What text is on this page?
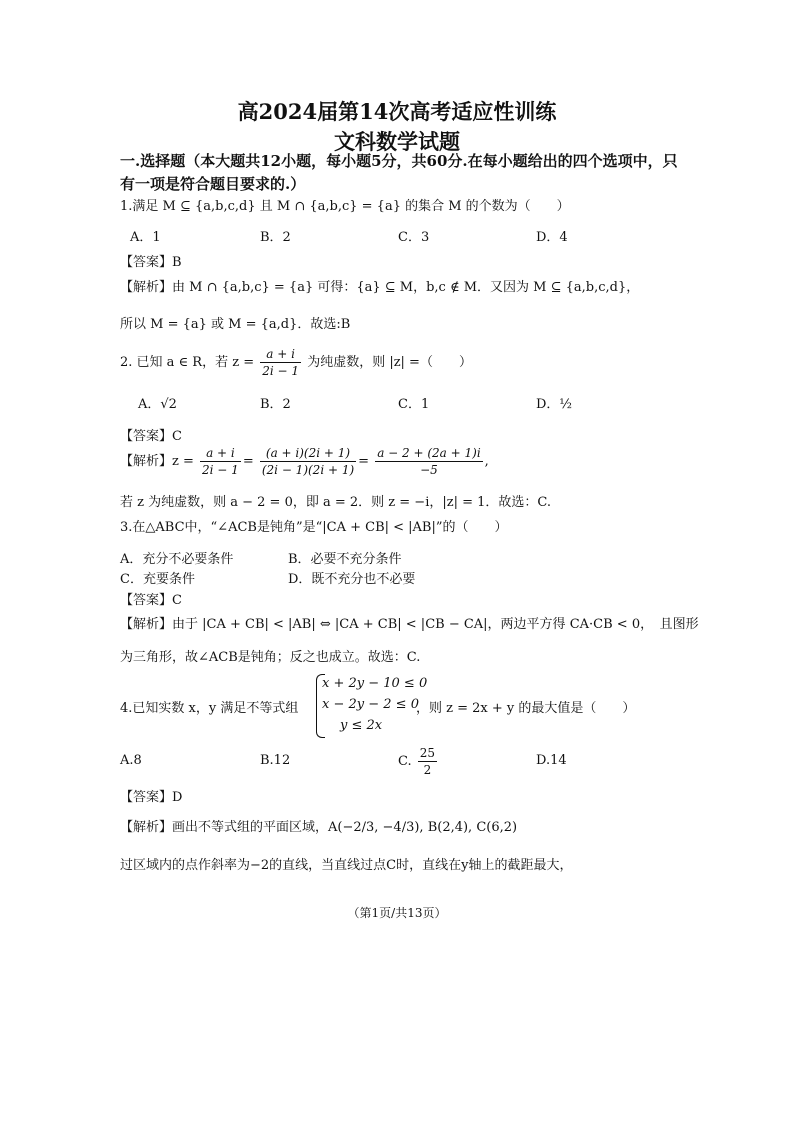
高2024届第14次高考适应性训练
文科数学试题
一.选择题（本大题共12小题，每小题5分，共60分.在每小题给出的四个选项中，只有一项是符合题目要求的.）
1.满足 M ⊆ {a,b,c,d} 且 M ∩ {a,b,c} = {a} 的集合 M 的个数为（　　）
A．1	B．2	C．3	D．4
【答案】B
【解析】由 M ∩ {a,b,c} = {a} 可得：{a} ⊆ M，b,c ∉ M．又因为 M ⊆ {a,b,c,d}，
所以 M = {a} 或 M = {a,d}．故选:B
2. 已知 a ∈ R，若 $z = \frac{a + i}{2i - 1}$ 为纯虚数，则 |z| =（　　）
A．√2	B．2	C．1	D．½
【答案】C
【解析】$z = \frac{a + i}{2i - 1} = \frac{(a + i)(2i + 1)}{(2i - 1)(2i + 1)} = \frac{a - 2 + (2a + 1)i}{-5}$ ,
若 z 为纯虚数，则 a − 2 = 0，即 a = 2．则 z = −i，|z| = 1．故选：C.
3.在△ABC中，“∠ACB是钝角”是“|CA + CB| < |AB|”的（　　）
A．充分不必要条件	B．必要不充分条件
C．充要条件	D．既不充分也不必要
【答案】C
【解析】由于 |CA + CB| < |AB| ⇔ |CA + CB| < |CB − CA|，两边平方得 CA·CB < 0，　且图形
为三角形，故∠ACB是钝角；反之也成立。故选：C.
4.已知实数 x，y 满足不等式组
x + 2y − 10 ≤ 0
x − 2y − 2 ≤ 0
y ≤ 2x
，则 z = 2x + y 的最大值是（　　）
A.8	B.12	C. $\frac{25}{2}$	D.14
【答案】D
【解析】画出不等式组的平面区域，A(−2/3, −4/3), B(2,4), C(6,2)
过区域内的点作斜率为−2的直线，当直线过点C时，直线在y轴上的截距最大，
（第1页/共13页）
